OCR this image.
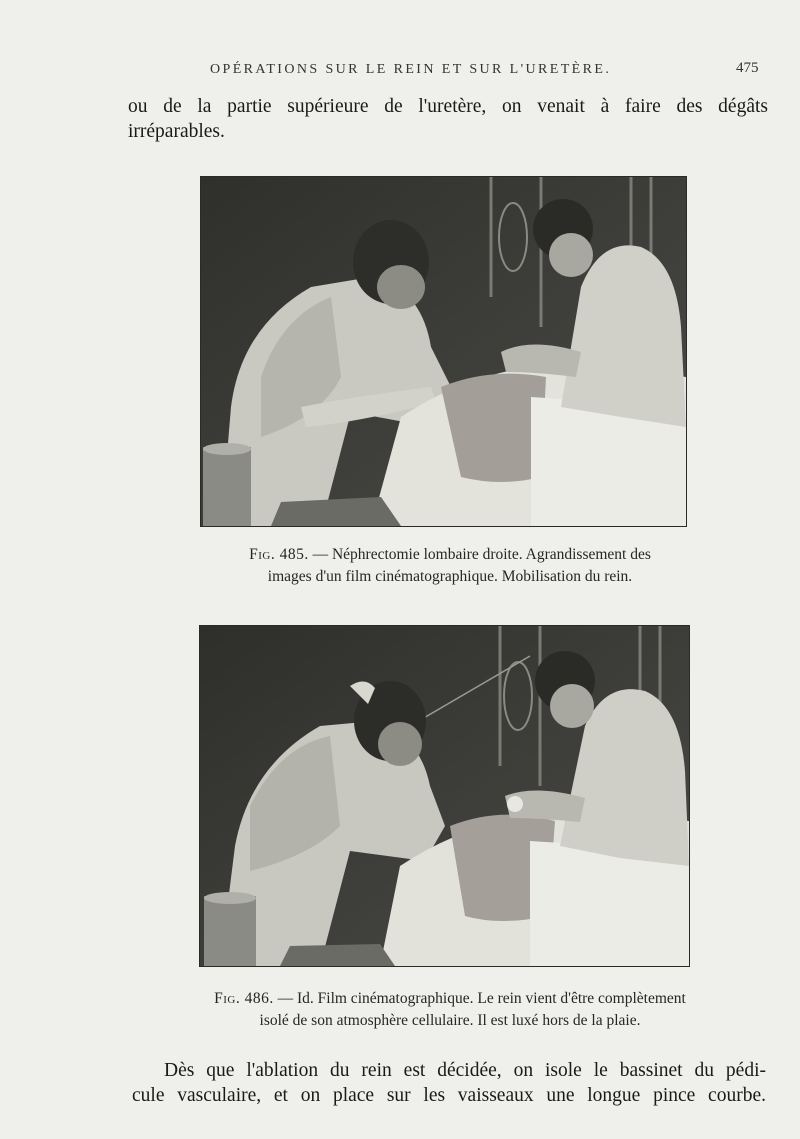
OPÉRATIONS SUR LE REIN ET SUR L'URETÈRE.	475
ou de la partie supérieure de l'uretère, on venait à faire des dégâts
irréparables.
Fig. 485. — Néphrectomie lombaire droite. Agrandissement des
images d'un film cinématographique. Mobilisation du rein.
Fig. 486. — Id. Film cinématographique. Le rein vient d'être complètement
isolé de son atmosphère cellulaire. Il est luxé hors de la plaie.
Dès que l'ablation du rein est décidée, on isole le bassinet du pédi-
cule vasculaire, et on place sur les vaisseaux une longue pince courbe.
